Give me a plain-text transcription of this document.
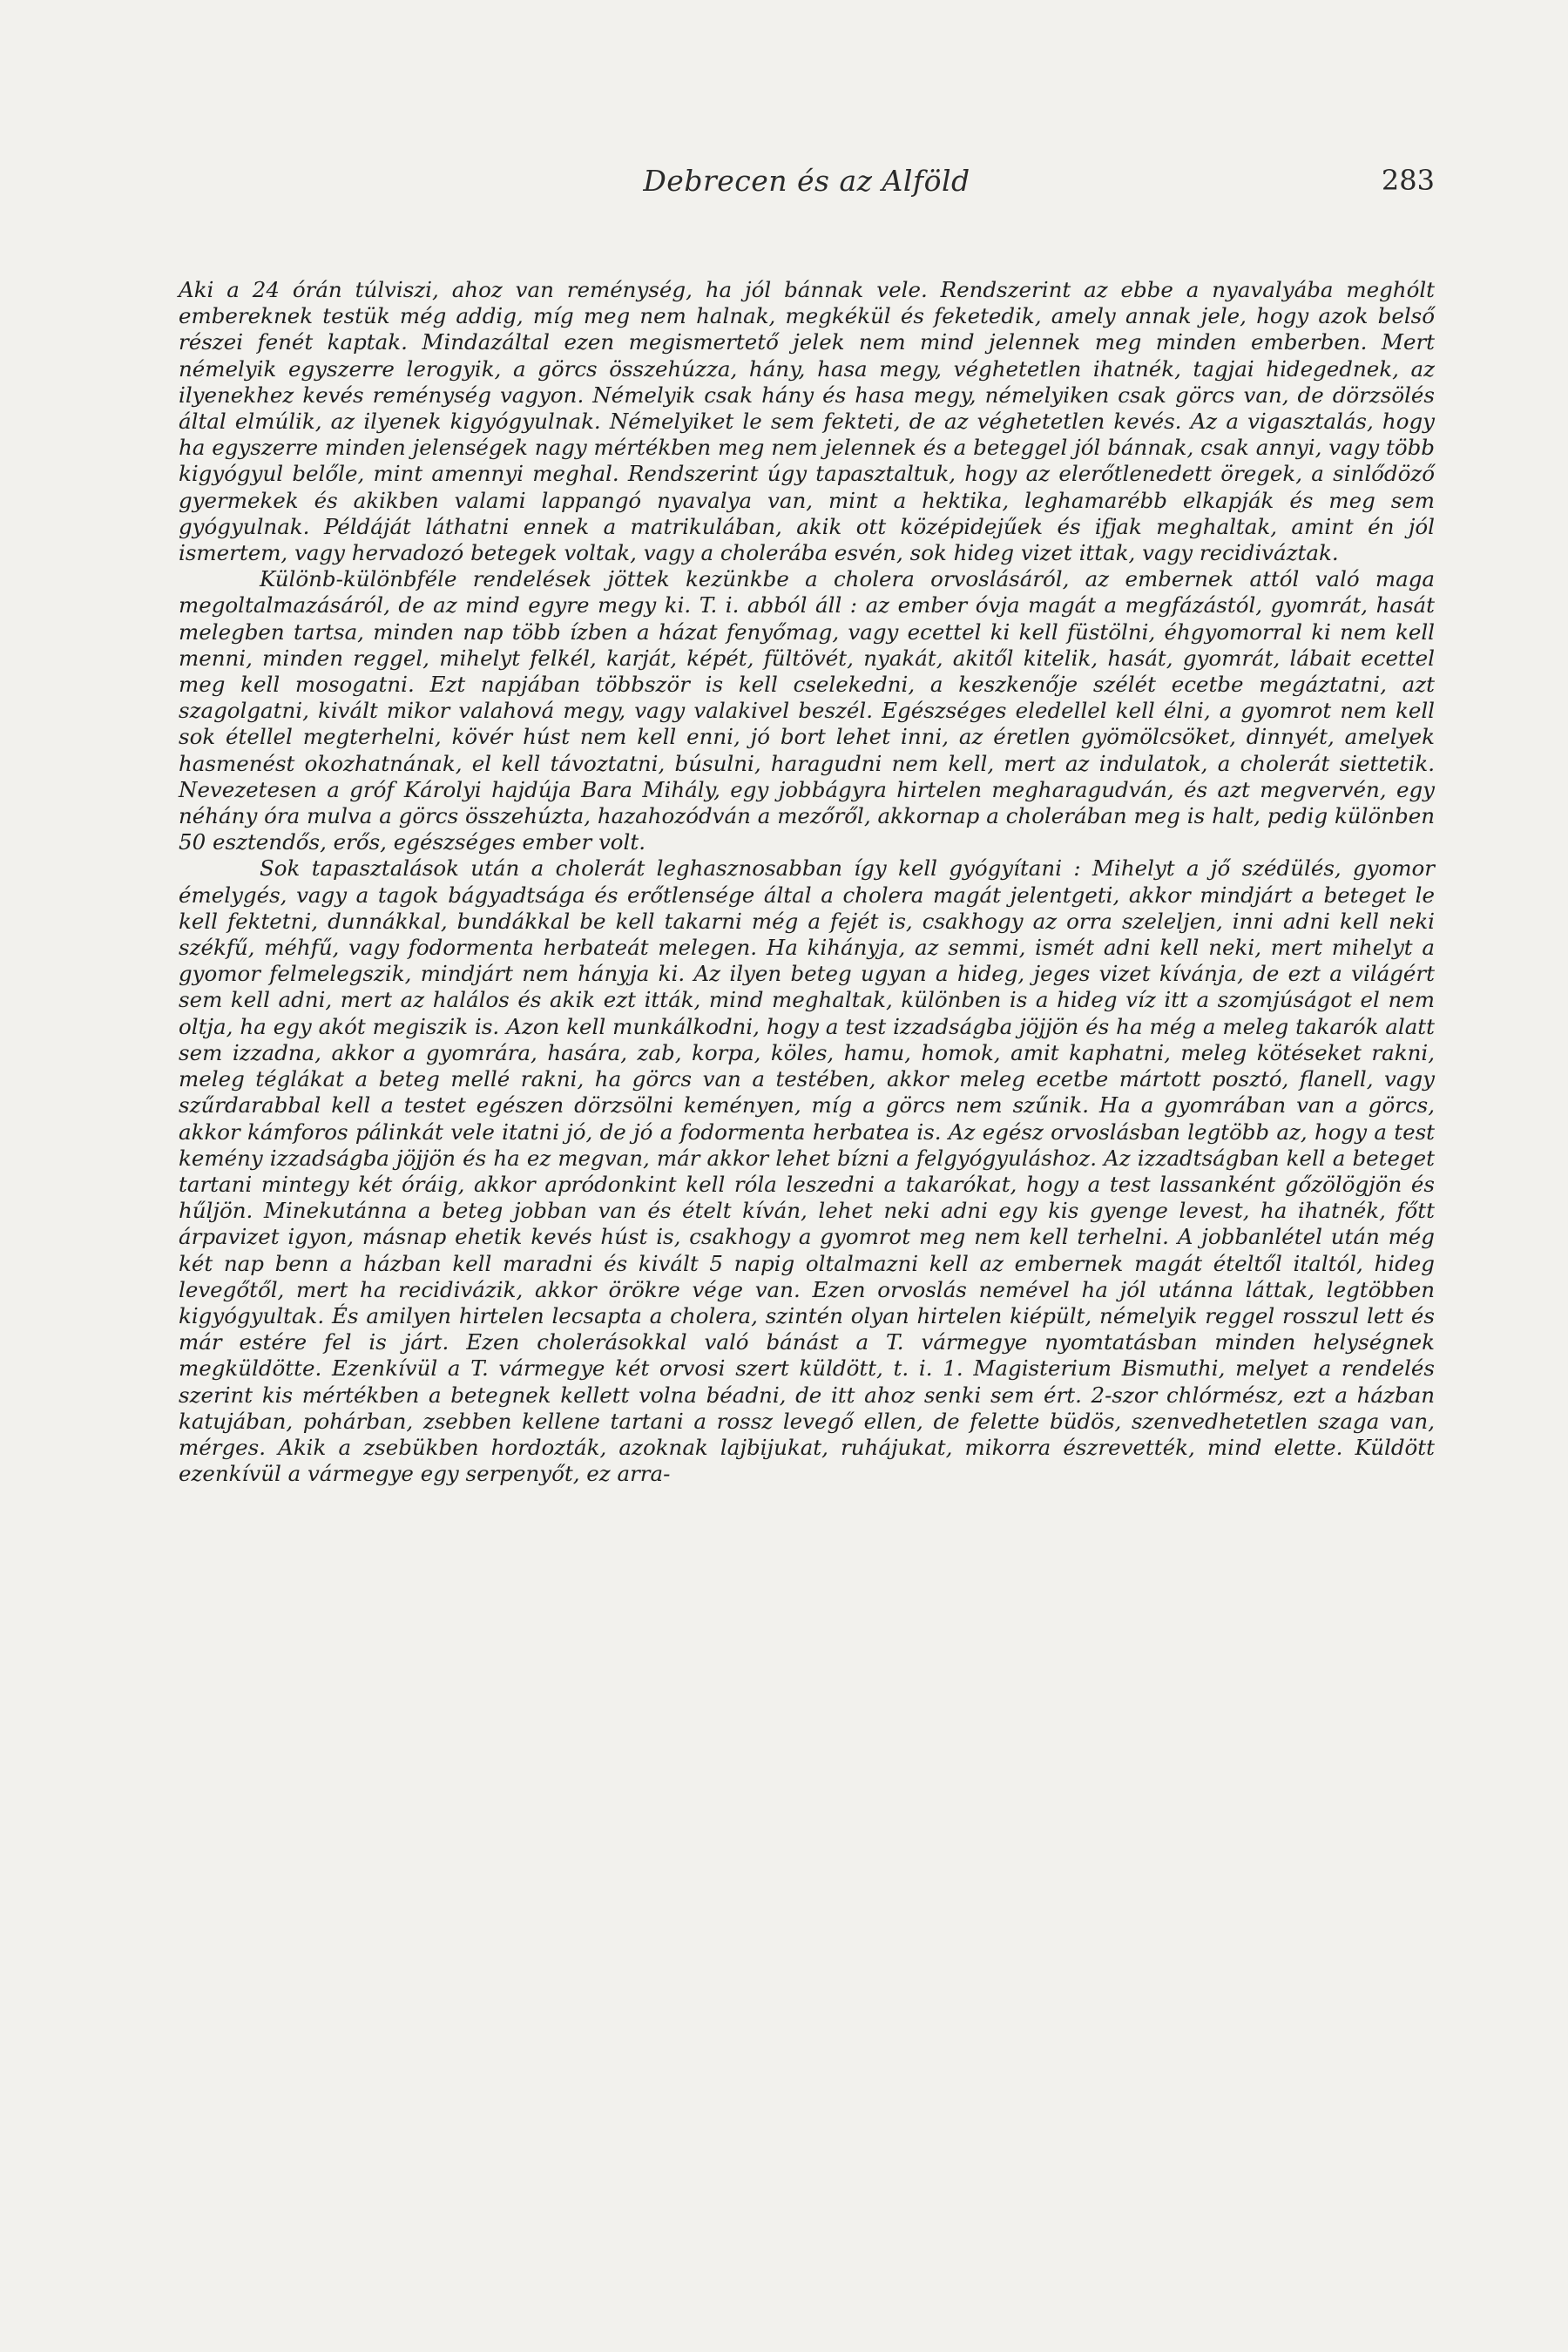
Debrecen és az Alföld	283

Aki a 24 órán túlviszi, ahoz van reménység, ha jól bánnak vele. Rendszerint az ebbe a nyavalyába meghólt embereknek testük még addig, míg meg nem halnak, megkékül és feketedik, amely annak jele, hogy azok belső részei fenét kaptak. Mindazáltal ezen megismertető jelek nem mind jelennek meg minden emberben. Mert némelyik egyszerre lerogyik, a görcs összehúzza, hány, hasa megy, véghetetlen ihatnék, tagjai hidegednek, az ilyenekhez kevés reménység vagyon. Némelyik csak hány és hasa megy, némelyiken csak görcs van, de dörzsölés által elmúlik, az ilyenek kigyógyulnak. Némelyiket le sem fekteti, de az véghetetlen kevés. Az a vigasztalás, hogy ha egyszerre minden jelenségek nagy mértékben meg nem jelennek és a beteggel jól bánnak, csak annyi, vagy több kigyógyul belőle, mint amennyi meghal. Rendszerint úgy tapasztaltuk, hogy az elerőtlenedett öregek, a sinlődöző gyermekek és akikben valami lappangó nyavalya van, mint a hektika, leghamarébb elkapják és meg sem gyógyulnak. Példáját láthatni ennek a matrikulában, akik ott középidejűek és ifjak meghaltak, amint én jól ismertem, vagy hervadozó betegek voltak, vagy a cholerába esvén, sok hideg vizet ittak, vagy recidiváztak.

Különb-különbféle rendelések jöttek kezünkbe a cholera orvoslásáról, az embernek attól való maga megoltalmazásáról, de az mind egyre megy ki. T. i. abból áll : az ember óvja magát a megfázástól, gyomrát, hasát melegben tartsa, minden nap több ízben a házat fenyőmag, vagy ecettel ki kell füstölni, éhgyomorral ki nem kell menni, minden reggel, mihelyt felkél, karját, képét, fültövét, nyakát, akitől kitelik, hasát, gyomrát, lábait ecettel meg kell mosogatni. Ezt napjában többször is kell cselekedni, a keszkenője szélét ecetbe megáztatni, azt szagolgatni, kivált mikor valahová megy, vagy valakivel beszél. Egészséges eledellel kell élni, a gyomrot nem kell sok étellel megterhelni, kövér húst nem kell enni, jó bort lehet inni, az éretlen gyömölcsöket, dinnyét, amelyek hasmenést okozhatnának, el kell távoztatni, búsulni, haragudni nem kell, mert az indulatok, a cholerát siettetik. Nevezetesen a gróf Károlyi hajdúja Bara Mihály, egy jobbágyra hirtelen megharagudván, és azt megvervén, egy néhány óra mulva a görcs összehúzta, hazahozódván a mezőről, akkornap a cholerában meg is halt, pedig különben 50 esztendős, erős, egészséges ember volt.

Sok tapasztalások után a cholerát leghasznosabban így kell gyógyítani : Mihelyt a jő szédülés, gyomor émelygés, vagy a tagok bágyadtsága és erőtlensége által a cholera magát jelentgeti, akkor mindjárt a beteget le kell fektetni, dunnákkal, bundákkal be kell takarni még a fejét is, csakhogy az orra szeleljen, inni adni kell neki székfű, méhfű, vagy fodormenta herbateát melegen. Ha kihányja, az semmi, ismét adni kell neki, mert mihelyt a gyomor felmelegszik, mindjárt nem hányja ki. Az ilyen beteg ugyan a hideg, jeges vizet kívánja, de ezt a világért sem kell adni, mert az halálos és akik ezt itták, mind meghaltak, különben is a hideg víz itt a szomjúságot el nem oltja, ha egy akót megiszik is. Azon kell munkálkodni, hogy a test izzadságba jöjjön és ha még a meleg takarók alatt sem izzadna, akkor a gyomrára, hasára, zab, korpa, köles, hamu, homok, amit kaphatni, meleg kötéseket rakni, meleg téglákat a beteg mellé rakni, ha görcs van a testében, akkor meleg ecetbe mártott posztó, flanell, vagy szűrdarabbal kell a testet egészen dörzsölni keményen, míg a görcs nem szűnik. Ha a gyomrában van a görcs, akkor kámforos pálinkát vele itatni jó, de jó a fodormenta herbatea is. Az egész orvoslásban legtöbb az, hogy a test kemény izzadságba jöjjön és ha ez megvan, már akkor lehet bízni a felgyógyuláshoz. Az izzadtságban kell a beteget tartani mintegy két óráig, akkor apródonkint kell róla leszedni a takarókat, hogy a test lassanként gőzölögjön és hűljön. Minekutánna a beteg jobban van és ételt kíván, lehet neki adni egy kis gyenge levest, ha ihatnék, főtt árpavizet igyon, másnap ehetik kevés húst is, csakhogy a gyomrot meg nem kell terhelni. A jobbanlétel után még két nap benn a házban kell maradni és kivált 5 napig oltalmazni kell az embernek magát ételtől italtól, hideg levegőtől, mert ha recidivázik, akkor örökre vége van. Ezen orvoslás nemével ha jól utánna láttak, legtöbben kigyógyultak. És amilyen hirtelen lecsapta a cholera, szintén olyan hirtelen kiépült, némelyik reggel rosszul lett és már estére fel is járt. Ezen cholerásokkal való bánást a T. vármegye nyomtatásban minden helységnek megküldötte. Ezenkívül a T. vármegye két orvosi szert küldött, t. i. 1. Magisterium Bismuthi, melyet a rendelés szerint kis mértékben a betegnek kellett volna béadni, de itt ahoz senki sem ért. 2-szor chlórmész, ezt a házban katujában, pohárban, zsebben kellene tartani a rossz levegő ellen, de felette büdös, szenvedhetetlen szaga van, mérges. Akik a zsebükben hordozták, azoknak lajbijukat, ruhájukat, mikorra észrevették, mind elette. Küldött ezenkívül a vármegye egy serpenyőt, ez arra-
